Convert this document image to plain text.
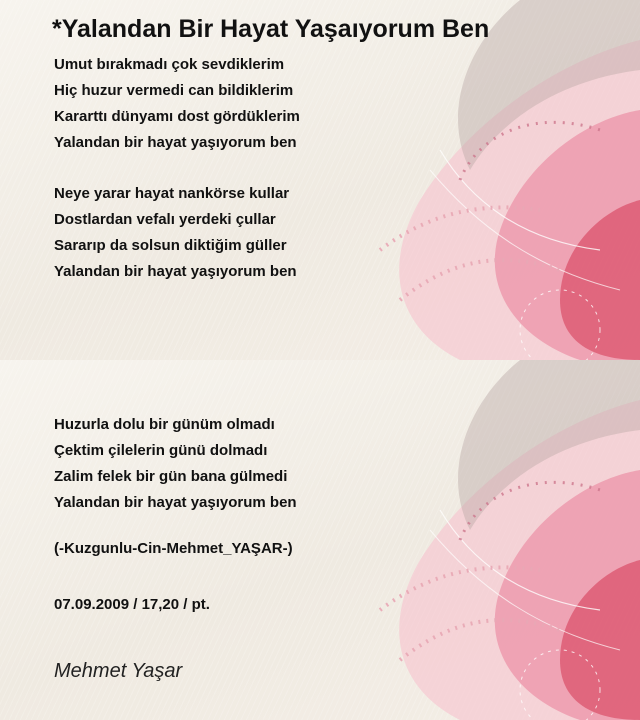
*Yalandan Bir Hayat Yaşaıyorum Ben
Umut bırakmadı çok sevdiklerim
Hiç huzur vermedi can bildiklerim
Kararttı dünyamı dost gördüklerim
Yalandan bir hayat yaşıyorum ben
Neye yarar hayat nankörse kullar
Dostlardan vefalı yerdeki çullar
Sararıp da solsun diktiğim güller
Yalandan bir hayat yaşıyorum ben
Huzurla dolu bir günüm olmadı
Çektim çilelerin günü dolmadı
Zalim felek bir gün bana gülmedi
Yalandan bir hayat yaşıyorum ben
(-Kuzgunlu-Cin-Mehmet_YAŞAR-)
07.09.2009 / 17,20 / pt.
Mehmet Yaşar
